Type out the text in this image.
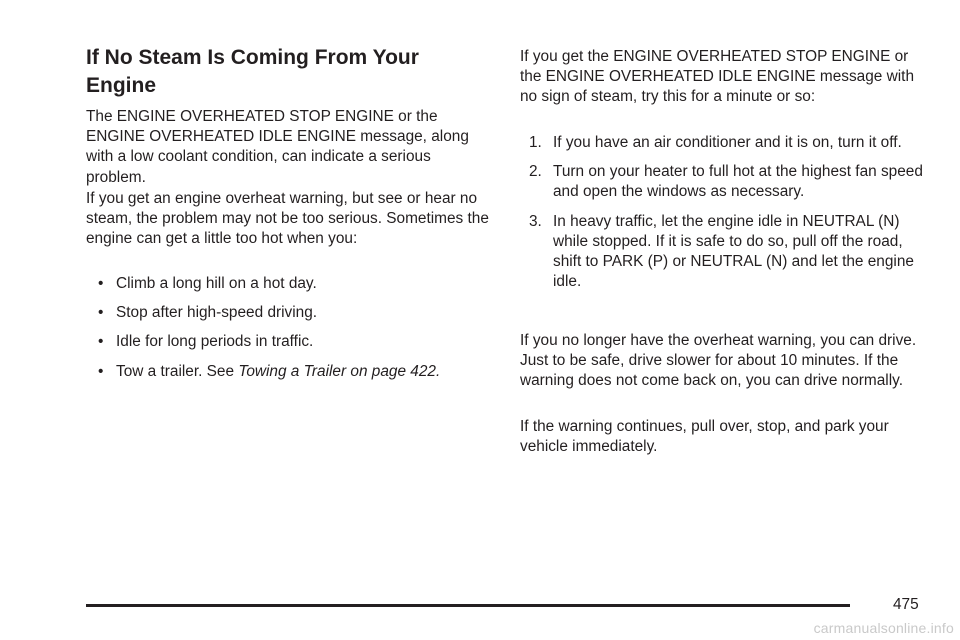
If No Steam Is Coming From Your Engine

The ENGINE OVERHEATED STOP ENGINE or the ENGINE OVERHEATED IDLE ENGINE message, along with a low coolant condition, can indicate a serious problem.

If you get an engine overheat warning, but see or hear no steam, the problem may not be too serious. Sometimes the engine can get a little too hot when you:

• Climb a long hill on a hot day.
• Stop after high-speed driving.
• Idle for long periods in traffic.
• Tow a trailer. See Towing a Trailer on page 422.

If you get the ENGINE OVERHEATED STOP ENGINE or the ENGINE OVERHEATED IDLE ENGINE message with no sign of steam, try this for a minute or so:

1. If you have an air conditioner and it is on, turn it off.
2. Turn on your heater to full hot at the highest fan speed and open the windows as necessary.
3. In heavy traffic, let the engine idle in NEUTRAL (N) while stopped. If it is safe to do so, pull off the road, shift to PARK (P) or NEUTRAL (N) and let the engine idle.

If you no longer have the overheat warning, you can drive. Just to be safe, drive slower for about 10 minutes. If the warning does not come back on, you can drive normally.

If the warning continues, pull over, stop, and park your vehicle immediately.

475
carmanualsonline.info
